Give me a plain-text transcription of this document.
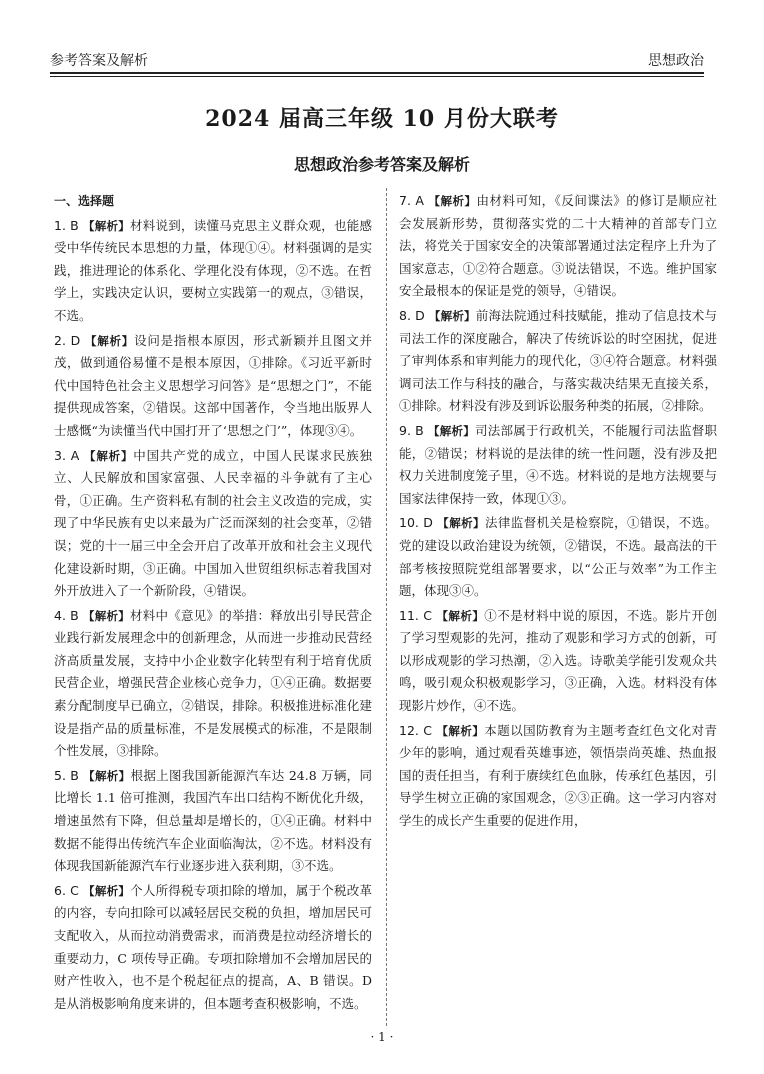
参考答案及解析	思想政治
2024 届高三年级 10 月份大联考
思想政治参考答案及解析

一、选择题

1. B 【解析】材料说到，读懂马克思主义群众观，也能感受中华传统民本思想的力量，体现①④。材料强调的是实践，推进理论的体系化、学理化没有体现，②不选。在哲学上，实践决定认识，要树立实践第一的观点，③错误，不选。

2. D 【解析】设问是指根本原因，形式新颖并且图文并茂，做到通俗易懂不是根本原因，①排除。《习近平新时代中国特色社会主义思想学习问答》是“思想之门”，不能提供现成答案，②错误。这部中国著作，令当地出版界人士感慨“为读懂当代中国打开了‘思想之门’”，体现③④。

3. A 【解析】中国共产党的成立，中国人民谋求民族独立、人民解放和国家富强、人民幸福的斗争就有了主心骨，①正确。生产资料私有制的社会主义改造的完成，实现了中华民族有史以来最为广泛而深刻的社会变革，②错误；党的十一届三中全会开启了改革开放和社会主义现代化建设新时期，③正确。中国加入世贸组织标志着我国对外开放进入了一个新阶段，④错误。

4. B 【解析】材料中《意见》的举措：释放出引导民营企业践行新发展理念中的创新理念，从而进一步推动民营经济高质量发展，支持中小企业数字化转型有利于培育优质民营企业，增强民营企业核心竞争力，①④正确。数据要素分配制度早已确立，②错误，排除。积极推进标准化建设是指产品的质量标准，不是发展模式的标准，不是限制个性发展，③排除。

5. B 【解析】根据上图我国新能源汽车达 24.8 万辆，同比增长 1.1 倍可推测，我国汽车出口结构不断优化升级，增速虽然有下降，但总量却是增长的，①④正确。材料中数据不能得出传统汽车企业面临淘汰，②不选。材料没有体现我国新能源汽车行业逐步进入获利期，③不选。

6. C 【解析】个人所得税专项扣除的增加，属于个税改革的内容，专向扣除可以减轻居民交税的负担，增加居民可支配收入，从而拉动消费需求，而消费是拉动经济增长的重要动力，C 项传导正确。专项扣除增加不会增加居民的财产性收入，也不是个税起征点的提高，A、B 错误。D 是从消极影响角度来讲的，但本题考查积极影响，不选。

7. A 【解析】由材料可知，《反间谍法》的修订是顺应社会发展新形势，贯彻落实党的二十大精神的首部专门立法，将党关于国家安全的决策部署通过法定程序上升为了国家意志，①②符合题意。③说法错误，不选。维护国家安全最根本的保证是党的领导，④错误。

8. D 【解析】前海法院通过科技赋能，推动了信息技术与司法工作的深度融合，解决了传统诉讼的时空困扰，促进了审判体系和审判能力的现代化，③④符合题意。材料强调司法工作与科技的融合，与落实裁决结果无直接关系，①排除。材料没有涉及到诉讼服务种类的拓展，②排除。

9. B 【解析】司法部属于行政机关，不能履行司法监督职能，②错误；材料说的是法律的统一性问题，没有涉及把权力关进制度笼子里，④不选。材料说的是地方法规要与国家法律保持一致，体现①③。

10. D 【解析】法律监督机关是检察院，①错误，不选。党的建设以政治建设为统领，②错误，不选。最高法的干部考核按照院党组部署要求，以“公正与效率”为工作主题，体现③④。

11. C 【解析】①不是材料中说的原因，不选。影片开创了学习型观影的先河，推动了观影和学习方式的创新，可以形成观影的学习热潮，②入选。诗歌美学能引发观众共鸣，吸引观众积极观影学习，③正确，入选。材料没有体现影片炒作，④不选。

12. C 【解析】本题以国防教育为主题考查红色文化对青少年的影响，通过观看英雄事迹，领悟崇尚英雄、热血报国的责任担当，有利于赓续红色血脉，传承红色基因，引导学生树立正确的家国观念，②③正确。这一学习内容对学生的成长产生重要的促进作用，

· 1 ·
